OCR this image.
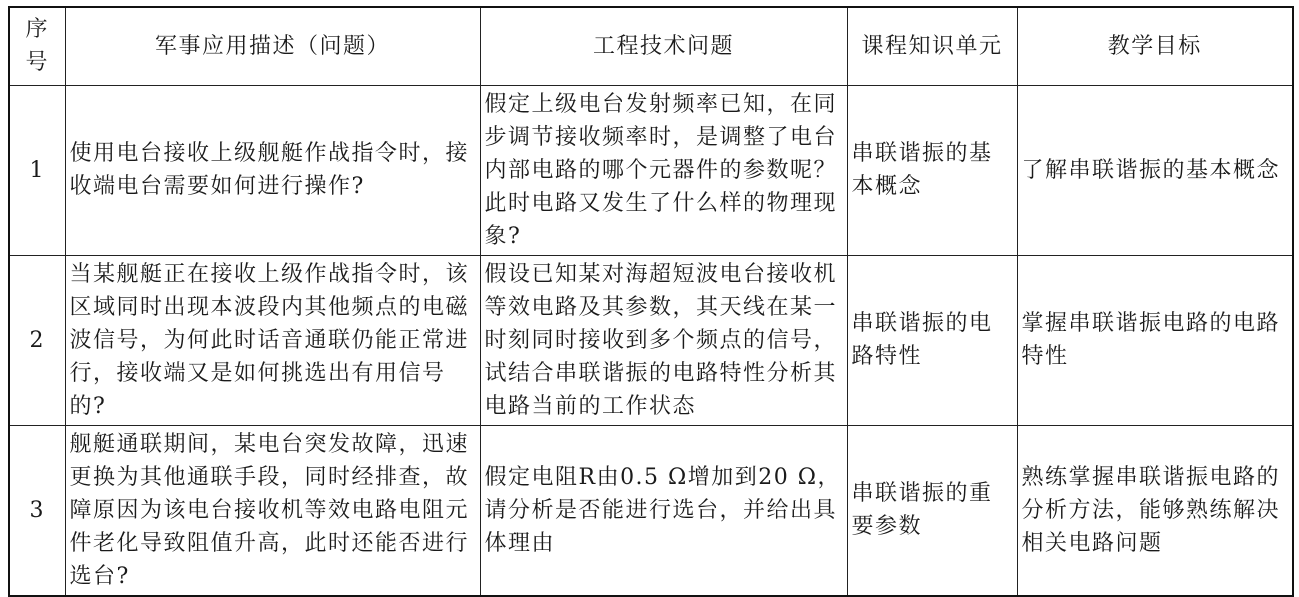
序号	军事应用描述（问题）	工程技术问题	课程知识单元	教学目标
1	使用电台接收上级舰艇作战指令时，接收端电台需要如何进行操作?	假定上级电台发射频率已知，在同步调节接收频率时，是调整了电台内部电路的哪个元器件的参数呢？此时电路又发生了什么样的物理现象?	串联谐振的基本概念	了解串联谐振的基本概念
2	当某舰艇正在接收上级作战指令时，该区域同时出现本波段内其他频点的电磁波信号，为何此时话音通联仍能正常进行，接收端又是如何挑选出有用信号的?	假设已知某对海超短波电台接收机等效电路及其参数，其天线在某一时刻同时接收到多个频点的信号，试结合串联谐振的电路特性分析其电路当前的工作状态	串联谐振的电路特性	掌握串联谐振电路的电路特性
3	舰艇通联期间，某电台突发故障，迅速更换为其他通联手段，同时经排查，故障原因为该电台接收机等效电路电阻元件老化导致阻值升高，此时还能否进行选台?	假定电阻R由0.5 Ω增加到20 Ω，请分析是否能进行选台，并给出具体理由	串联谐振的重要参数	熟练掌握串联谐振电路的分析方法，能够熟练解决相关电路问题
